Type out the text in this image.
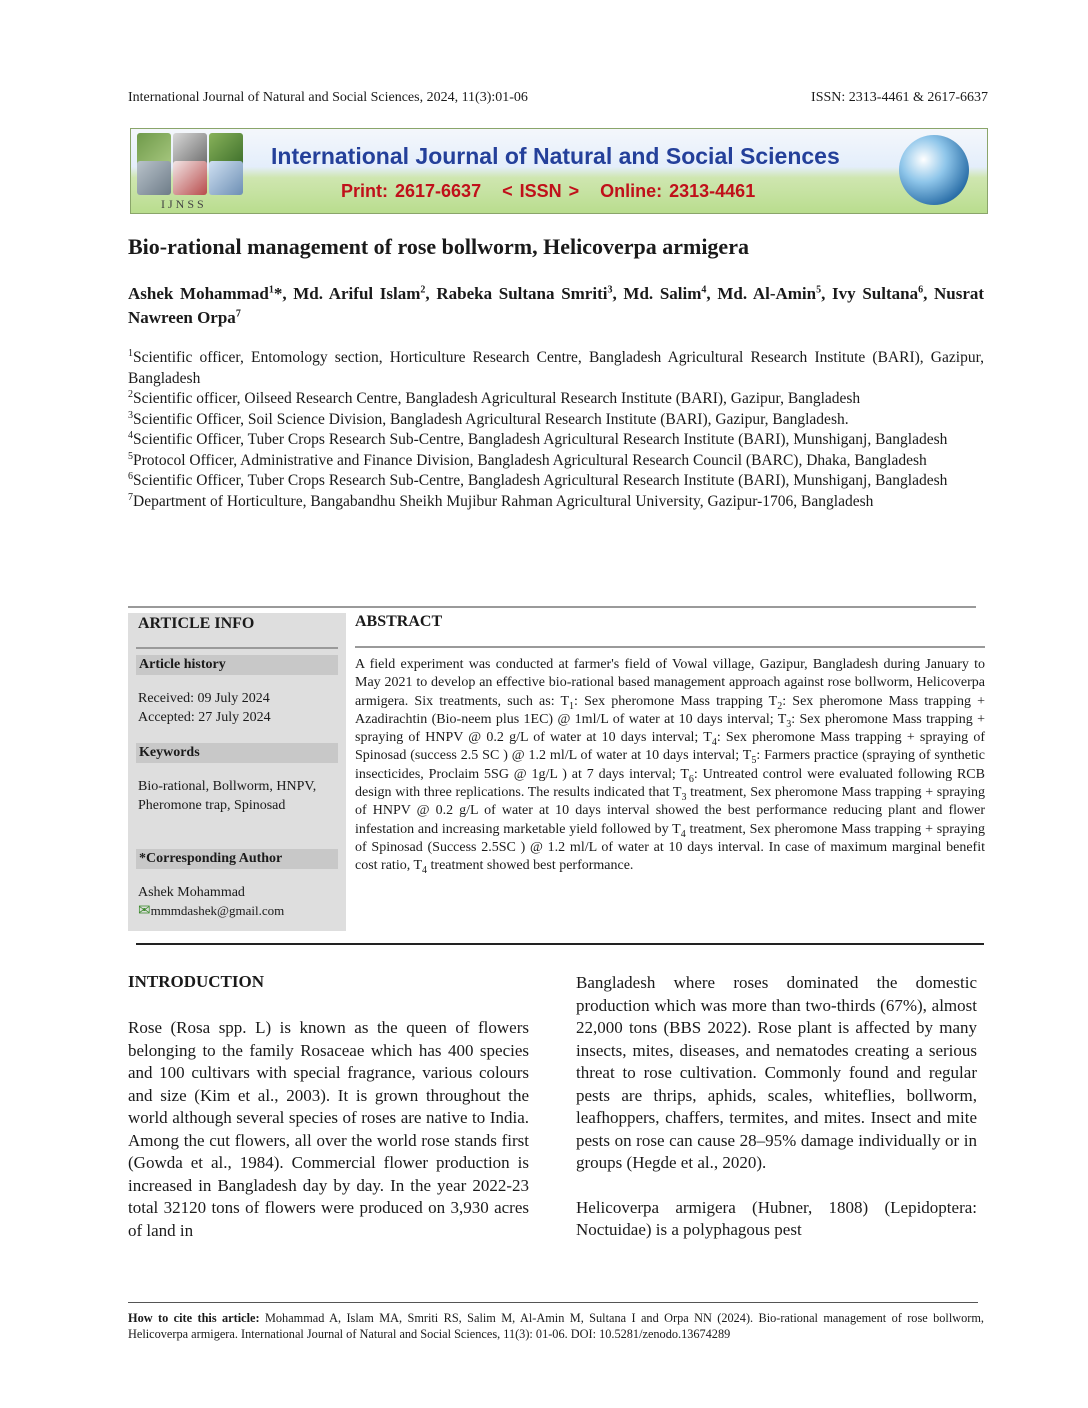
International Journal of Natural and Social Sciences, 2024, 11(3):01-06	ISSN: 2313-4461 & 2617-6637
IJNSS
International Journal of Natural and Social Sciences
Print: 2617-6637   < ISSN >   Online: 2313-4461
Bio-rational management of rose bollworm, Helicoverpa armigera
Ashek Mohammad$^1$*, Md. Ariful Islam$^2$, Rabeka Sultana Smriti$^3$, Md. Salim$^4$, Md. Al-Amin$^5$, Ivy Sultana$^6$, Nusrat Nawreen Orpa$^7$

$^1$Scientific officer, Entomology section, Horticulture Research Centre, Bangladesh Agricultural Research Institute (BARI), Gazipur, Bangladesh

$^2$Scientific officer, Oilseed Research Centre, Bangladesh Agricultural Research Institute (BARI), Gazipur, Bangladesh

$^3$Scientific Officer, Soil Science Division, Bangladesh Agricultural Research Institute (BARI), Gazipur, Bangladesh.

$^4$Scientific Officer, Tuber Crops Research Sub-Centre, Bangladesh Agricultural Research Institute (BARI), Munshiganj, Bangladesh

$^5$Protocol Officer, Administrative and Finance Division, Bangladesh Agricultural Research Council (BARC), Dhaka, Bangladesh

$^6$Scientific Officer, Tuber Crops Research Sub-Centre, Bangladesh Agricultural Research Institute (BARI), Munshiganj, Bangladesh

$^7$Department of Horticulture, Bangabandhu Sheikh Mujibur Rahman Agricultural University, Gazipur-1706, Bangladesh

ARTICLE INFO
Article history
Received: 09 July 2024
Accepted: 27 July 2024
Keywords
Bio-rational, Bollworm, HNPV, Pheromone trap, Spinosad
*Corresponding Author
Ashek Mohammad
✉mmmdashek@gmail.com
ABSTRACT
A field experiment was conducted at farmer's field of Vowal village, Gazipur, Bangladesh during January to May 2021 to develop an effective bio-rational based management approach against rose bollworm, Helicoverpa armigera. Six treatments, such as: $T_1$: Sex pheromone Mass trapping $T_2$: Sex pheromone Mass trapping + Azadirachtin (Bio-neem plus 1EC) @ 1ml/L of water at 10 days interval; $T_3$: Sex pheromone Mass trapping + spraying of HNPV @ 0.2 g/L of water at 10 days interval; $T_4$: Sex pheromone Mass trapping + spraying of Spinosad (success 2.5 SC ) @ 1.2 ml/L of water at 10 days interval; $T_5$: Farmers practice (spraying of synthetic insecticides, Proclaim 5SG @ 1g/L ) at 7 days interval; $T_6$: Untreated control were evaluated following RCB design with three replications. The results indicated that $T_3$ treatment, Sex pheromone Mass trapping + spraying of HNPV @ 0.2 g/L of water at 10 days interval showed the best performance reducing plant and flower infestation and increasing marketable yield followed by $T_4$ treatment, Sex pheromone Mass trapping + spraying of Spinosad (Success 2.5SC ) @ 1.2 ml/L of water at 10 days interval. In case of maximum marginal benefit cost ratio, $T_4$ treatment showed best performance.
INTRODUCTION

Rose (Rosa spp. L) is known as the queen of flowers belonging to the family Rosaceae which has 400 species and 100 cultivars with special fragrance, various colours and size (Kim et al., 2003). It is grown throughout the world although several species of roses are native to India. Among the cut flowers, all over the world rose stands first (Gowda et al., 1984). Commercial flower production is increased in Bangladesh day by day. In the year 2022-23 total 32120 tons of flowers were produced on 3,930 acres of land in

Bangladesh where roses dominated the domestic production which was more than two-thirds (67%), almost 22,000 tons (BBS 2022). Rose plant is affected by many insects, mites, diseases, and nematodes creating a serious threat to rose cultivation. Commonly found and regular pests are thrips, aphids, scales, whiteflies, bollworm, leafhoppers, chaffers, termites, and mites. Insect and mite pests on rose can cause 28–95% damage individually or in groups (Hegde et al., 2020).

Helicoverpa armigera (Hubner, 1808) (Lepidoptera: Noctuidae) is a polyphagous pest

How to cite this article: Mohammad A, Islam MA, Smriti RS, Salim M, Al-Amin M, Sultana I and Orpa NN (2024). Bio-rational management of rose bollworm, Helicoverpa armigera. International Journal of Natural and Social Sciences, 11(3): 01-06. DOI: 10.5281/zenodo.13674289
